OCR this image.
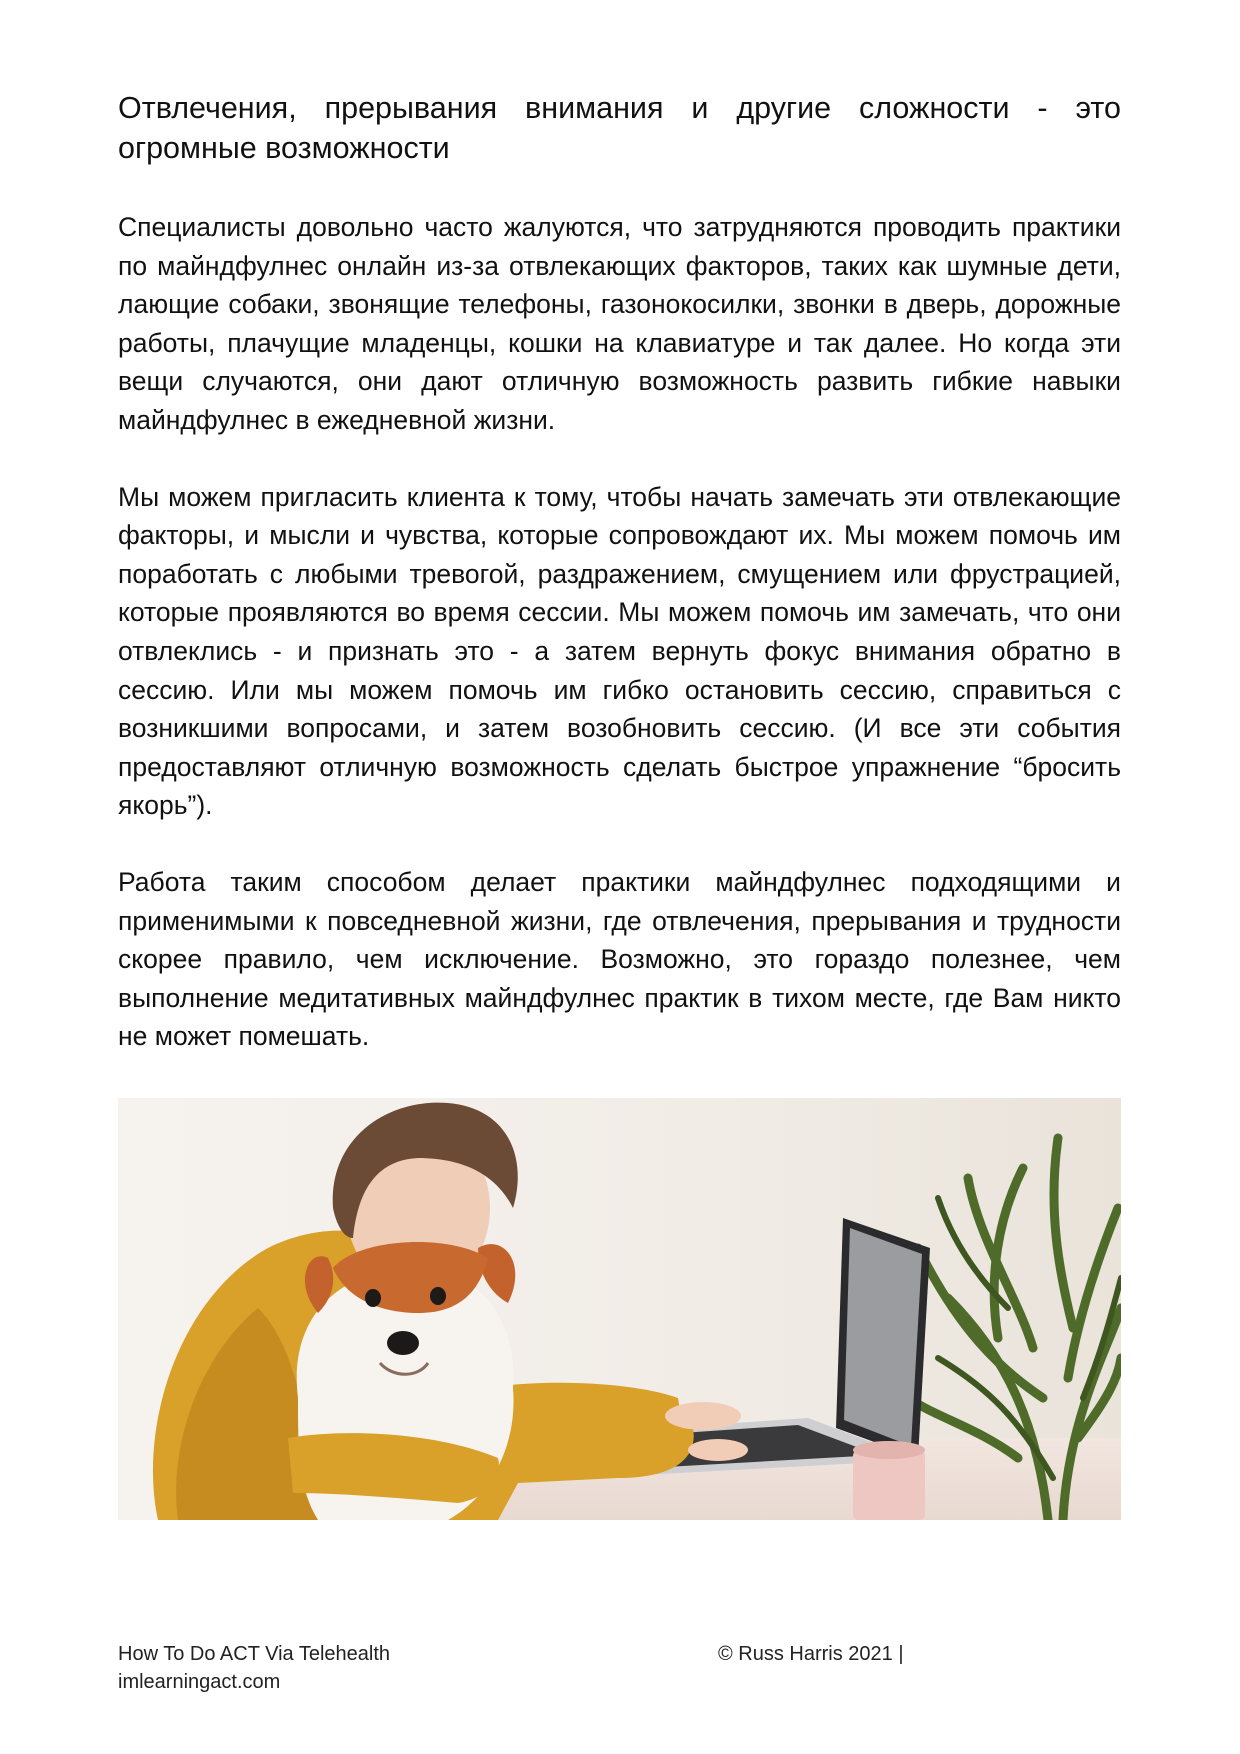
Отвлечения, прерывания внимания и другие сложности - это огромные возможности

Специалисты довольно часто жалуются, что затрудняются проводить практики по майндфулнес онлайн из-за отвлекающих факторов, таких как шумные дети, лающие собаки, звонящие телефоны, газонокосилки, звонки в дверь, дорожные работы, плачущие младенцы, кошки на клавиатуре и так далее. Но когда эти вещи случаются, они дают отличную возможность развить гибкие навыки майндфулнес в ежедневной жизни.

Мы можем пригласить клиента к тому, чтобы начать замечать эти отвлекающие факторы, и мысли и чувства, которые сопровождают их. Мы можем помочь им поработать с любыми тревогой, раздражением, смущением или фрустрацией, которые проявляются во время сессии. Мы можем помочь им замечать, что они отвлеклись - и признать это - а затем вернуть фокус внимания обратно в сессию. Или мы можем помочь им гибко остановить сессию, справиться с возникшими вопросами, и затем возобновить сессию. (И все эти события предоставляют отличную возможность сделать быстрое упражнение “бросить якорь”).

Работа таким способом делает практики майндфулнес подходящими и применимыми к повседневной жизни, где отвлечения, прерывания и трудности скорее правило, чем исключение. Возможно, это гораздо полезнее, чем выполнение медитативных майндфулнес практик в тихом месте, где Вам никто не может помешать.

How To Do ACT Via Telehealth
imlearningact.com
© Russ Harris 2021 |
